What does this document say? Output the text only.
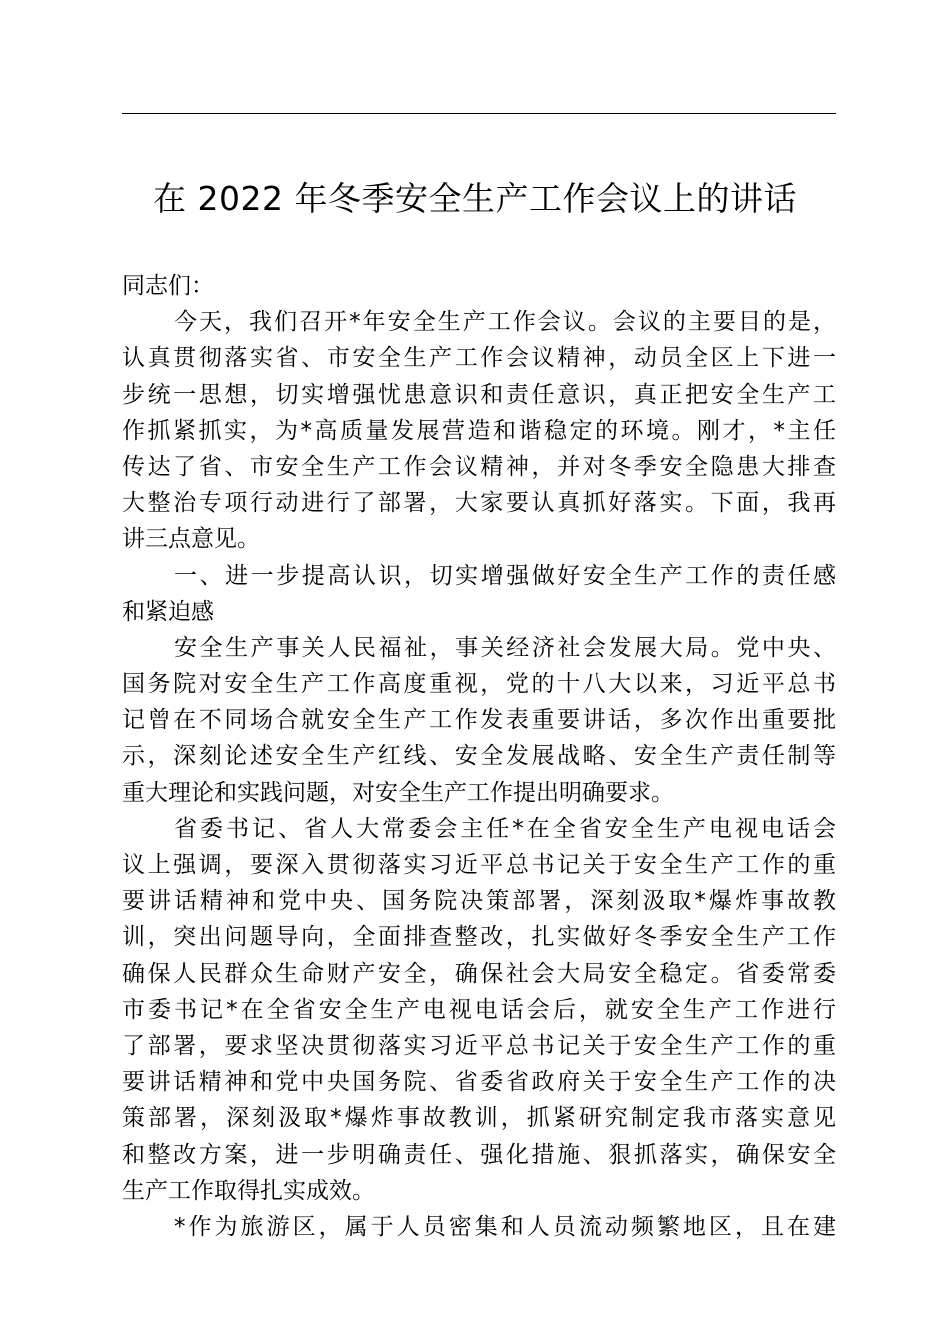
在 2022 年冬季安全生产工作会议上的讲话
同志们：
今天，我们召开*年安全生产工作会议。会议的主要目的是，
认真贯彻落实省、市安全生产工作会议精神，动员全区上下进一
步统一思想，切实增强忧患意识和责任意识，真正把安全生产工
作抓紧抓实，为*高质量发展营造和谐稳定的环境。刚才，*主任
传达了省、市安全生产工作会议精神，并对冬季安全隐患大排查
大整治专项行动进行了部署，大家要认真抓好落实。下面，我再
讲三点意见。
一、进一步提高认识，切实增强做好安全生产工作的责任感
和紧迫感
安全生产事关人民福祉，事关经济社会发展大局。党中央、
国务院对安全生产工作高度重视，党的十八大以来，习近平总书
记曾在不同场合就安全生产工作发表重要讲话，多次作出重要批
示，深刻论述安全生产红线、安全发展战略、安全生产责任制等
重大理论和实践问题，对安全生产工作提出明确要求。
省委书记、省人大常委会主任*在全省安全生产电视电话会
议上强调，要深入贯彻落实习近平总书记关于安全生产工作的重
要讲话精神和党中央、国务院决策部署，深刻汲取*爆炸事故教
训，突出问题导向，全面排查整改，扎实做好冬季安全生产工作
确保人民群众生命财产安全，确保社会大局安全稳定。省委常委
市委书记*在全省安全生产电视电话会后，就安全生产工作进行
了部署，要求坚决贯彻落实习近平总书记关于安全生产工作的重
要讲话精神和党中央国务院、省委省政府关于安全生产工作的决
策部署，深刻汲取*爆炸事故教训，抓紧研究制定我市落实意见
和整改方案，进一步明确责任、强化措施、狠抓落实，确保安全
生产工作取得扎实成效。
*作为旅游区，属于人员密集和人员流动频繁地区，且在建
